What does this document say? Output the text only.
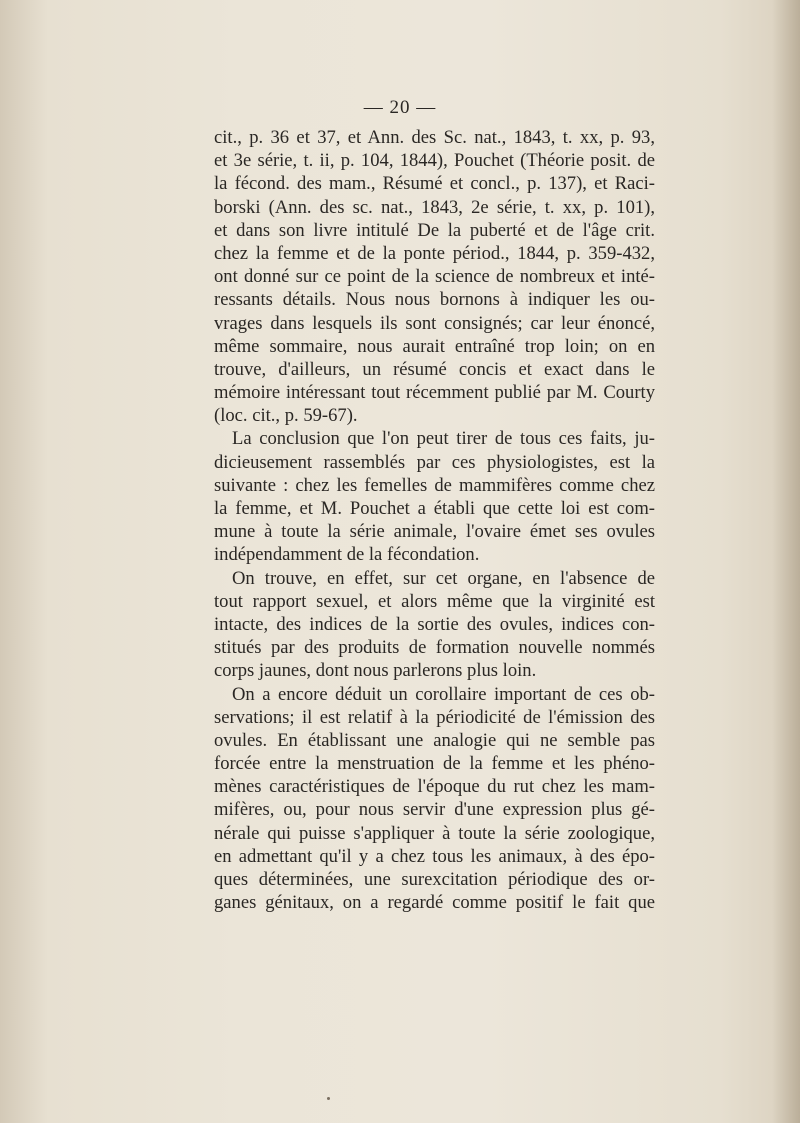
— 20 —
cit., p. 36 et 37, et Ann. des Sc. nat., 1843, t. xx, p. 93,
et 3e série, t. ii, p. 104, 1844), Pouchet (Théorie posit. de
la fécond. des mam., Résumé et concl., p. 137), et Raci-
borski (Ann. des sc. nat., 1843, 2e série, t. xx, p. 101),
et dans son livre intitulé De la puberté et de l'âge crit.
chez la femme et de la ponte périod., 1844, p. 359-432,
ont donné sur ce point de la science de nombreux et inté-
ressants détails. Nous nous bornons à indiquer les ou-
vrages dans lesquels ils sont consignés; car leur énoncé,
même sommaire, nous aurait entraîné trop loin; on en
trouve, d'ailleurs, un résumé concis et exact dans le
mémoire intéressant tout récemment publié par M. Courty
(loc. cit., p. 59-67).
La conclusion que l'on peut tirer de tous ces faits, ju-
dicieusement rassemblés par ces physiologistes, est la
suivante : chez les femelles de mammifères comme chez
la femme, et M. Pouchet a établi que cette loi est com-
mune à toute la série animale, l'ovaire émet ses ovules
indépendamment de la fécondation.
On trouve, en effet, sur cet organe, en l'absence de
tout rapport sexuel, et alors même que la virginité est
intacte, des indices de la sortie des ovules, indices con-
stitués par des produits de formation nouvelle nommés
corps jaunes, dont nous parlerons plus loin.
On a encore déduit un corollaire important de ces ob-
servations; il est relatif à la périodicité de l'émission des
ovules. En établissant une analogie qui ne semble pas
forcée entre la menstruation de la femme et les phéno-
mènes caractéristiques de l'époque du rut chez les mam-
mifères, ou, pour nous servir d'une expression plus gé-
nérale qui puisse s'appliquer à toute la série zoologique,
en admettant qu'il y a chez tous les animaux, à des épo-
ques déterminées, une surexcitation périodique des or-
ganes génitaux, on a regardé comme positif le fait que
